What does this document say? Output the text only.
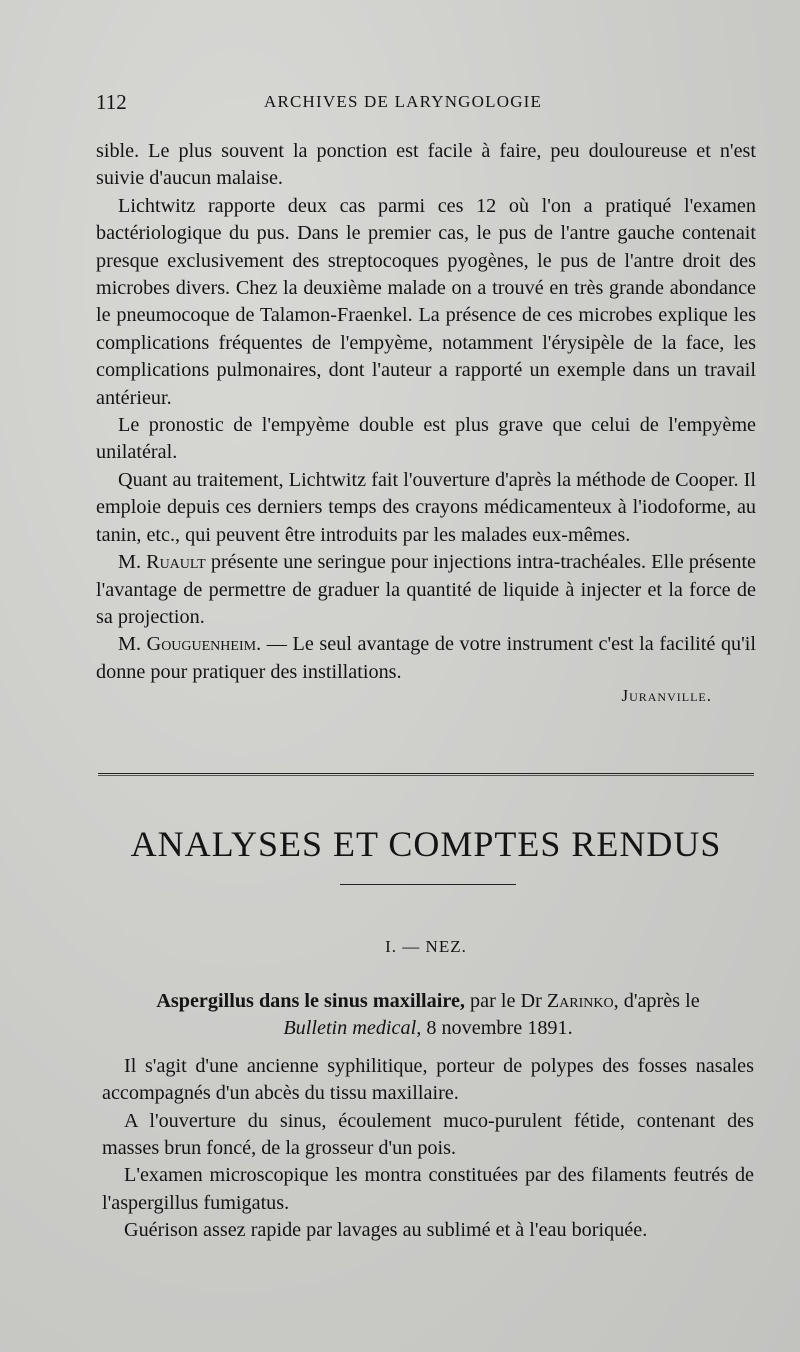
112	ARCHIVES DE LARYNGOLOGIE

sible. Le plus souvent la ponction est facile à faire, peu douloureuse et n'est suivie d'aucun malaise.

Lichtwitz rapporte deux cas parmi ces 12 où l'on a pratiqué l'examen bactériologique du pus. Dans le premier cas, le pus de l'antre gauche contenait presque exclusivement des streptocoques pyogènes, le pus de l'antre droit des microbes divers. Chez la deuxième malade on a trouvé en très grande abondance le pneumocoque de Talamon-Fraenkel. La présence de ces microbes explique les complications fréquentes de l'empyème, notamment l'érysipèle de la face, les complications pulmonaires, dont l'auteur a rapporté un exemple dans un travail antérieur.

Le pronostic de l'empyème double est plus grave que celui de l'empyème unilatéral.

Quant au traitement, Lichtwitz fait l'ouverture d'après la méthode de Cooper. Il emploie depuis ces derniers temps des crayons médicamenteux à l'iodoforme, au tanin, etc., qui peuvent être introduits par les malades eux-mêmes.

M. Ruault présente une seringue pour injections intra-trachéales. Elle présente l'avantage de permettre de graduer la quantité de liquide à injecter et la force de sa projection.

M. Gouguenheim. — Le seul avantage de votre instrument c'est la facilité qu'il donne pour pratiquer des instillations.

Juranville.

ANALYSES ET COMPTES RENDUS
I. — NEZ.

Aspergillus dans le sinus maxillaire, par le Dr Zarinko, d'après le

Bulletin medical, 8 novembre 1891.

Il s'agit d'une ancienne syphilitique, porteur de polypes des fosses nasales accompagnés d'un abcès du tissu maxillaire.

A l'ouverture du sinus, écoulement muco-purulent fétide, contenant des masses brun foncé, de la grosseur d'un pois.

L'examen microscopique les montra constituées par des filaments feutrés de l'aspergillus fumigatus.

Guérison assez rapide par lavages au sublimé et à l'eau boriquée.
